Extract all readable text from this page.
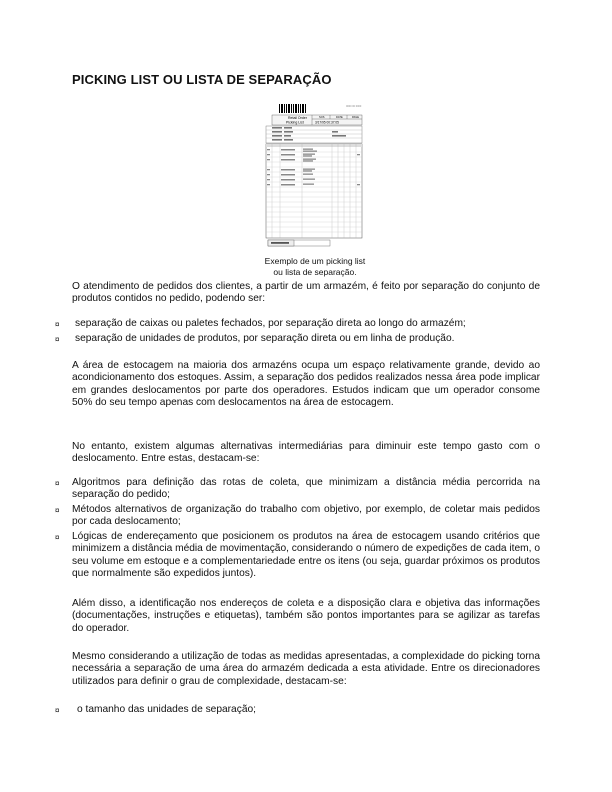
PICKING LIST OU LISTA DE SEPARAÇÃO
0000 00 0000
Retail Order
Picking List
SOS	DATE	PAGE
3/17/95 00:37:05
Exemplo de um picking list
ou lista de separação.
O atendimento de pedidos dos clientes, a partir de um armazém, é feito por separação do conjunto de produtos contidos no pedido, podendo ser:
¤ separação de caixas ou paletes fechados, por separação direta ao longo do armazém;
¤ separação de unidades de produtos, por separação direta ou em linha de produção.
A área de estocagem na maioria dos armazéns ocupa um espaço relativamente grande, devido ao acondicionamento dos estoques. Assim, a separação dos pedidos realizados nessa área pode implicar em grandes deslocamentos por parte dos operadores. Estudos indicam que um operador consome 50% do seu tempo apenas com deslocamentos na área de estocagem.
No entanto, existem algumas alternativas intermediárias para diminuir este tempo gasto com o deslocamento. Entre estas, destacam-se:
¤ Algoritmos para definição das rotas de coleta, que minimizam a distância média percorrida na separação do pedido;
¤ Métodos alternativos de organização do trabalho com objetivo, por exemplo, de coletar mais pedidos por cada deslocamento;
¤ Lógicas de endereçamento que posicionem os produtos na área de estocagem usando critérios que minimizem a distância média de movimentação, considerando o número de expedições de cada item, o seu volume em estoque e a complementariedade entre os itens (ou seja, guardar próximos os produtos que normalmente são expedidos juntos).
Além disso, a identificação nos endereços de coleta e a disposição clara e objetiva das informações (documentações, instruções e etiquetas), também são pontos importantes para se agilizar as tarefas do operador.
Mesmo considerando a utilização de todas as medidas apresentadas, a complexidade do picking torna necessária a separação de uma área do armazém dedicada a esta atividade. Entre os direcionadores utilizados para definir o grau de complexidade, destacam-se:
¤ o tamanho das unidades de separação;
